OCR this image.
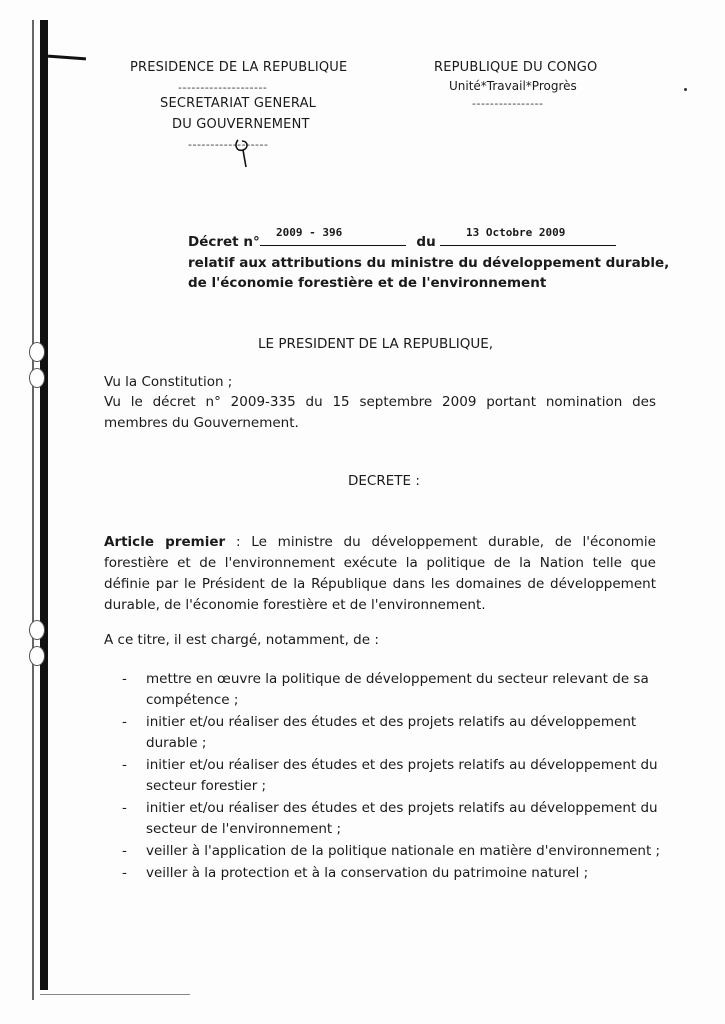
PRESIDENCE DE LA REPUBLIQUE
--------------------
SECRETARIAT GENERAL
DU GOUVERNEMENT
------------------
REPUBLIQUE DU CONGO
Unité*Travail*Progrès
----------------
2009 - 396	13 Octobre 2009
Décret n°	du
relatif aux attributions du ministre du développement durable,
de l'économie forestière et de l'environnement
LE PRESIDENT DE LA REPUBLIQUE,
Vu la Constitution ;
Vu le décret n° 2009-335 du 15 septembre 2009 portant nomination des membres du Gouvernement.
DECRETE :
Article premier : Le ministre du développement durable, de l'économie forestière et de l'environnement exécute la politique de la Nation telle que définie par le Président de la République dans les domaines de développement durable, de l'économie forestière et de l'environnement.
A ce titre, il est chargé, notamment, de :
- mettre en œuvre la politique de développement du secteur relevant de sa compétence ;
- initier et/ou réaliser des études et des projets relatifs au développement durable ;
- initier et/ou réaliser des études et des projets relatifs au développement du secteur forestier ;
- initier et/ou réaliser des études et des projets relatifs au développement du secteur de l'environnement ;
- veiller à l'application de la politique nationale en matière d'environnement ;
- veiller à la protection et à la conservation du patrimoine naturel ;
